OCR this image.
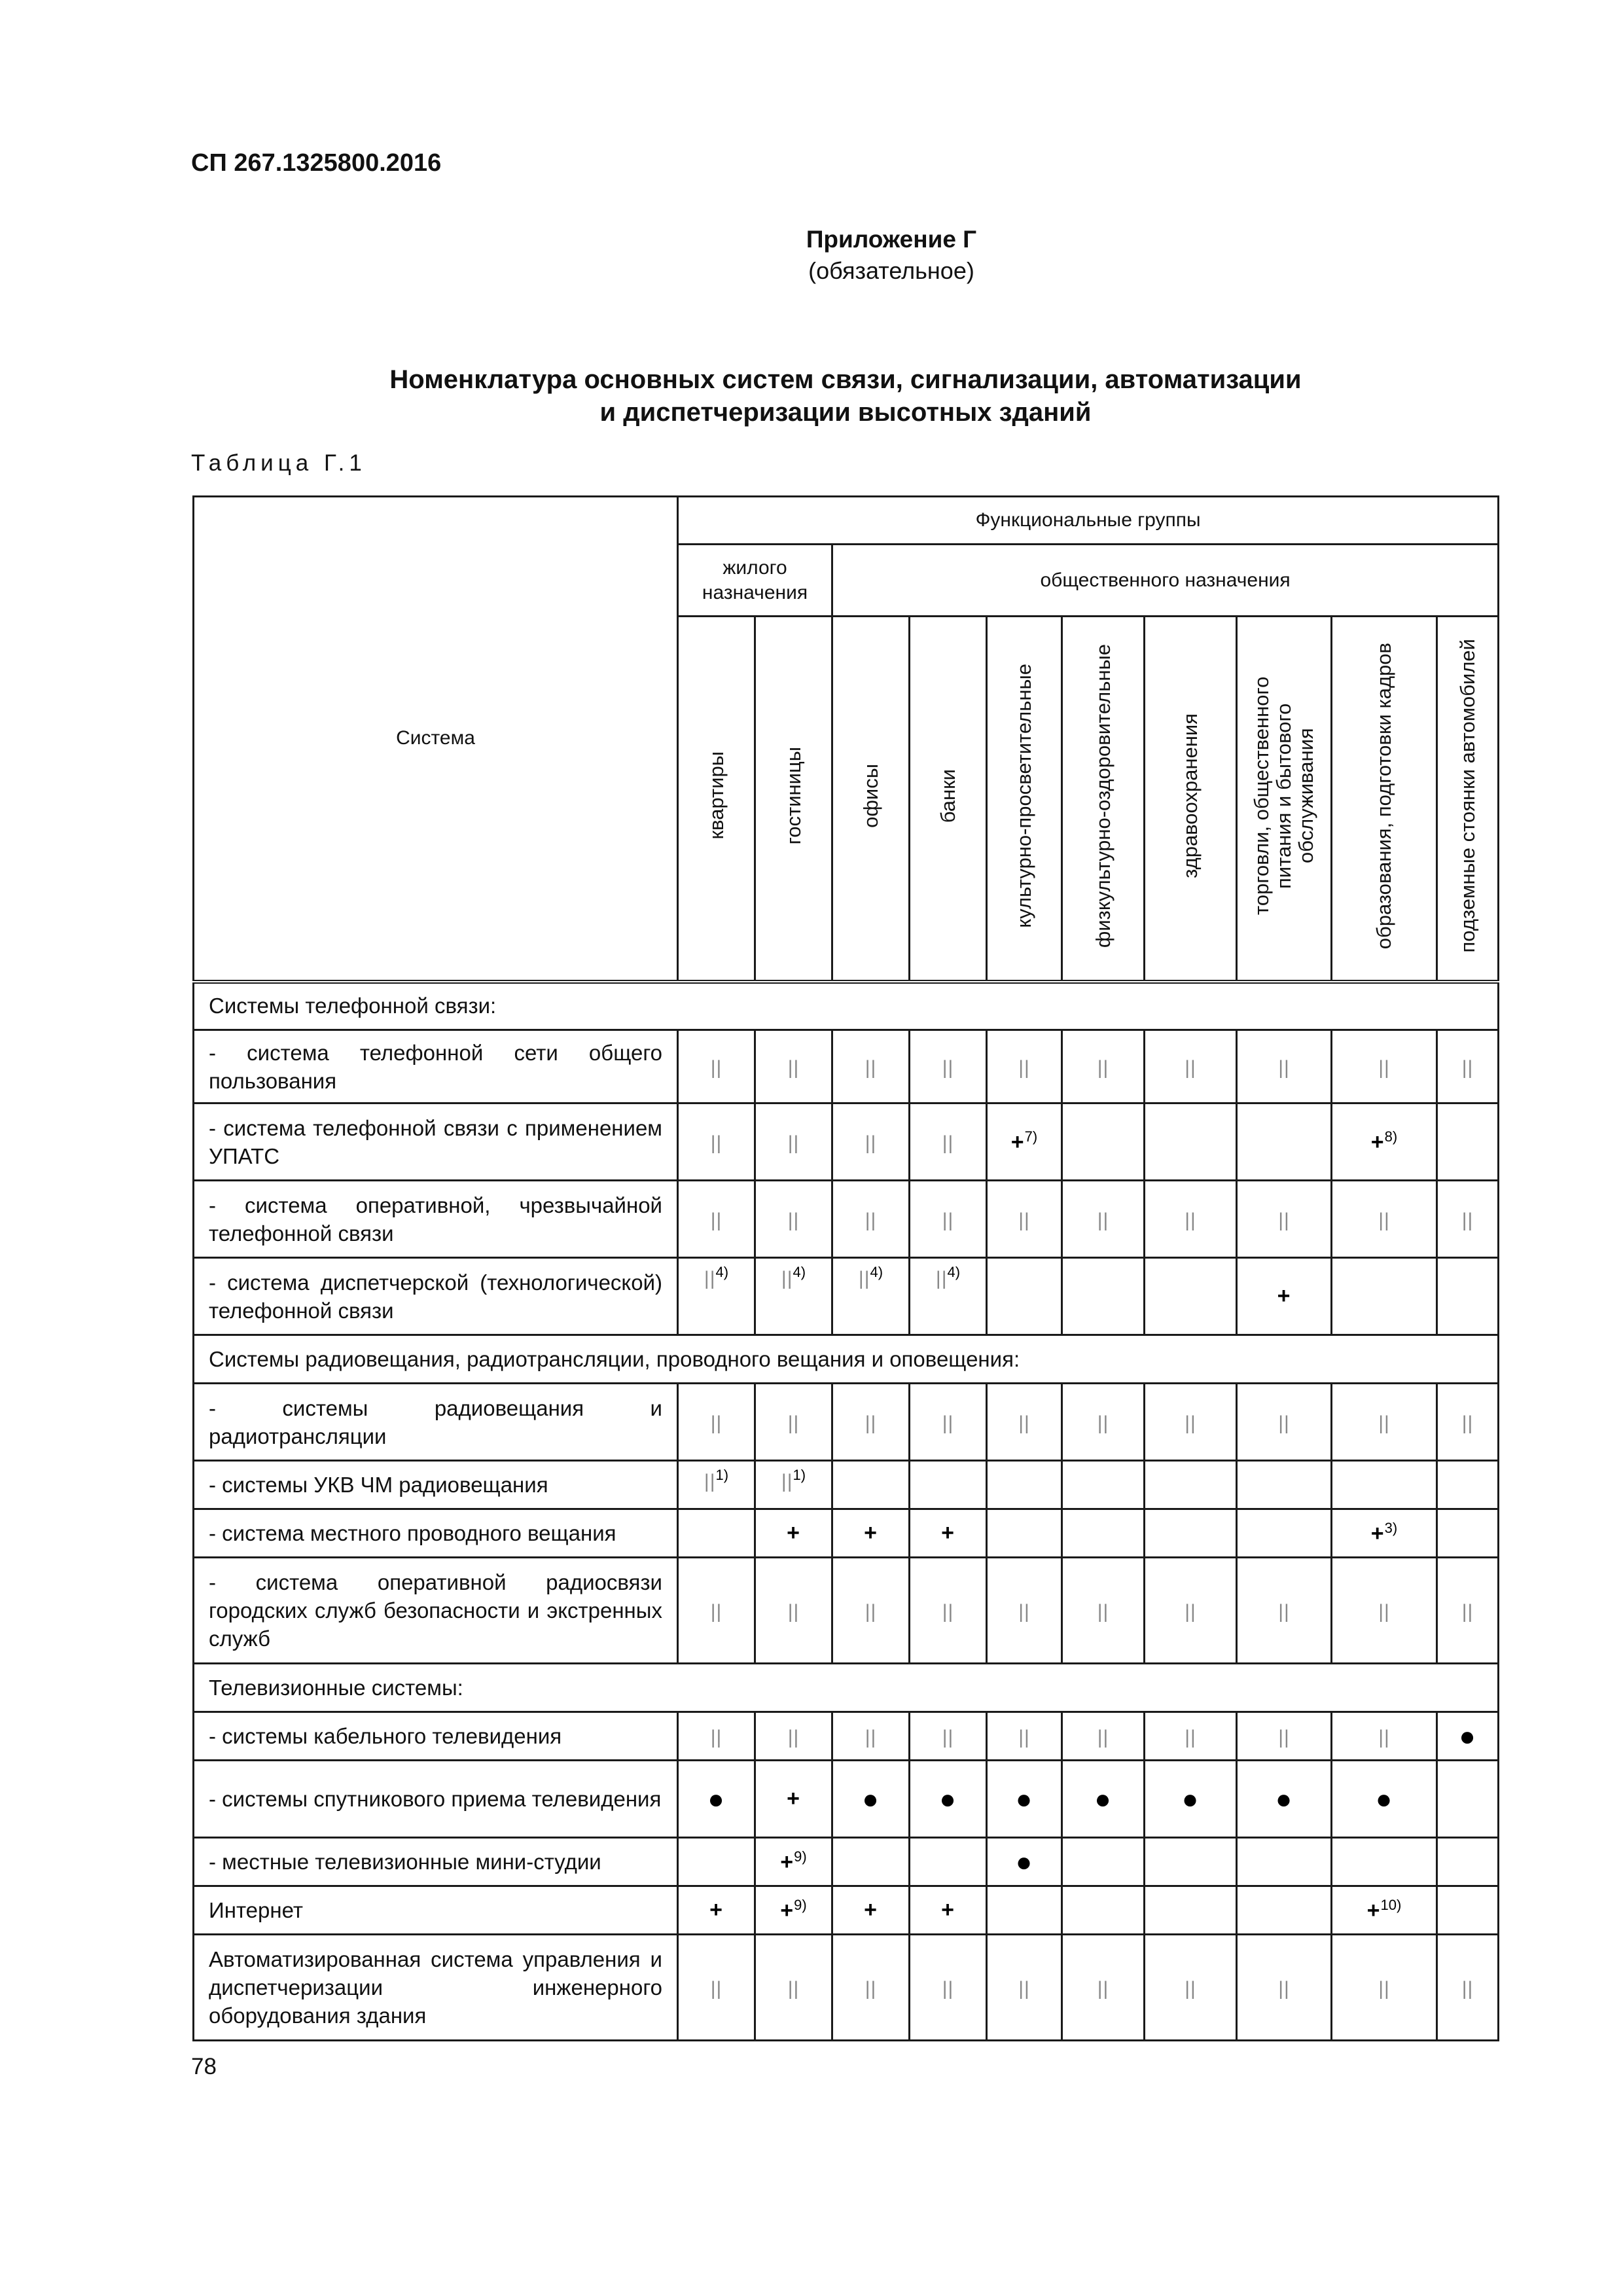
СП 267.1325800.2016
Приложение Г
(обязательное)
Номенклатура основных систем связи, сигнализации, автоматизации
и диспетчеризации высотных зданий
Таблица Г.1
Система	Функциональные группы									
	жилого назначения		общественного назначения							
	квартиры	гостиницы	офисы	банки	культурно-просветительные	физкультурно-оздоровительные	здравоохранения	торговли, общественного питания и бытового обслуживания	образования, подготовки кадров	подземные стоянки автомобилей
Системы телефонной связи:										
- система телефонной сети общего пользования	||	||	||	||	||	||	||	||	||	||
- система телефонной связи с применением УПАТС	||	||	||	||	+$^{7)}$				+$^{8)}$	
- система оперативной, чрезвычайной телефонной связи	||	||	||	||	||	||	||	||	||	||
- система диспетчерской (технологической) телефонной связи	$||^{4)}$	$||^{4)}$	$||^{4)}$	$||^{4)}$				+		
Системы радиовещания, радиотрансляции, проводного вещания и оповещения:										
- системы радиовещания и радиотрансляции	||	||	||	||	||	||	||	||	||	||
- системы УКВ ЧМ радиовещания	$||^{1)}$	$||^{1)}$								
- система местного проводного вещания		+	+	+					+$^{3)}$	
- система оперативной радиосвязи городских служб безопасности и экстренных служб	||	||	||	||	||	||	||	||	||	||
Телевизионные системы:										
- системы кабельного телевидения	||	||	||	||	||	||	||	||	||	●
- системы спутникового приема телевидения	●	+	●	●	●	●	●	●	●	
- местные телевизионные мини-студии		+$^{9)}$			●					
Интернет	+	+$^{9)}$	+	+					+$^{10)}$	
Автоматизированная система управления и диспетчеризации инженерного оборудования здания	||	||	||	||	||	||	||	||	||	||
78
